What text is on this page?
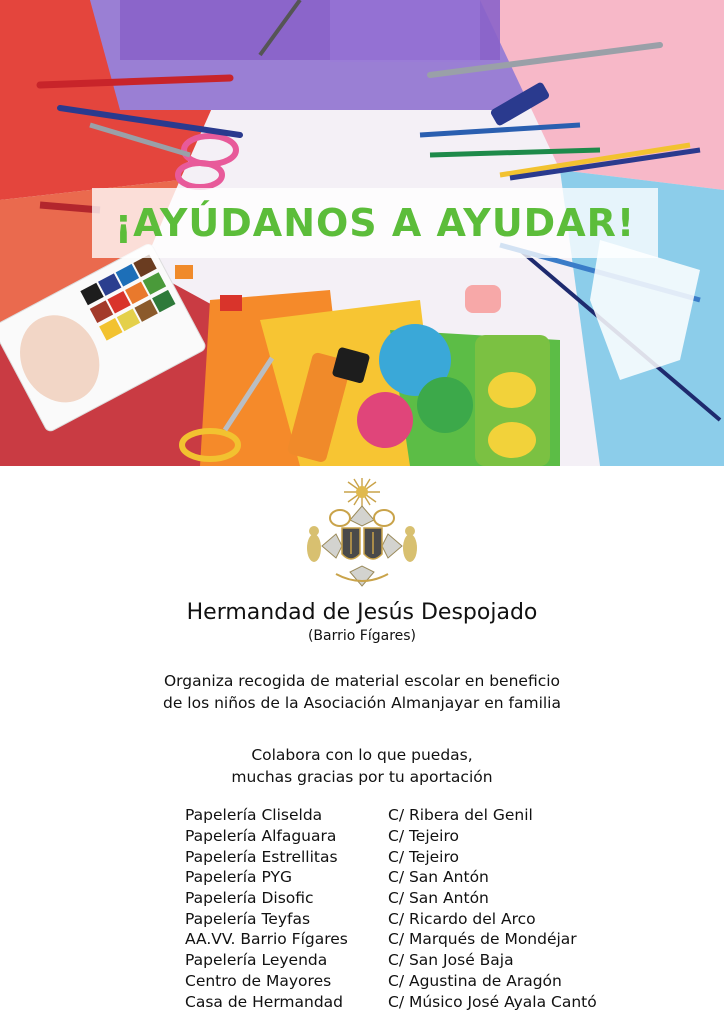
¡AYÚDANOS A AYUDAR!
Hermandad de Jesús Despojado
(Barrio Fígares)
Organiza recogida de material escolar en beneficio
de los niños de la Asociación Almanjayar en familia
Colabora con lo que puedas,
muchas gracias por tu aportación
Papelería Cliselda	C/ Ribera del Genil
Papelería Alfaguara	C/ Tejeiro
Papelería Estrellitas	C/ Tejeiro
Papelería PYG	C/ San Antón
Papelería Disofic	C/ San Antón
Papelería Teyfas	C/ Ricardo del Arco
AA.VV. Barrio Fígares	C/ Marqués de Mondéjar
Papelería Leyenda	C/ San José Baja
Centro de Mayores	C/ Agustina de Aragón
Casa de Hermandad	C/ Músico José Ayala Cantó
